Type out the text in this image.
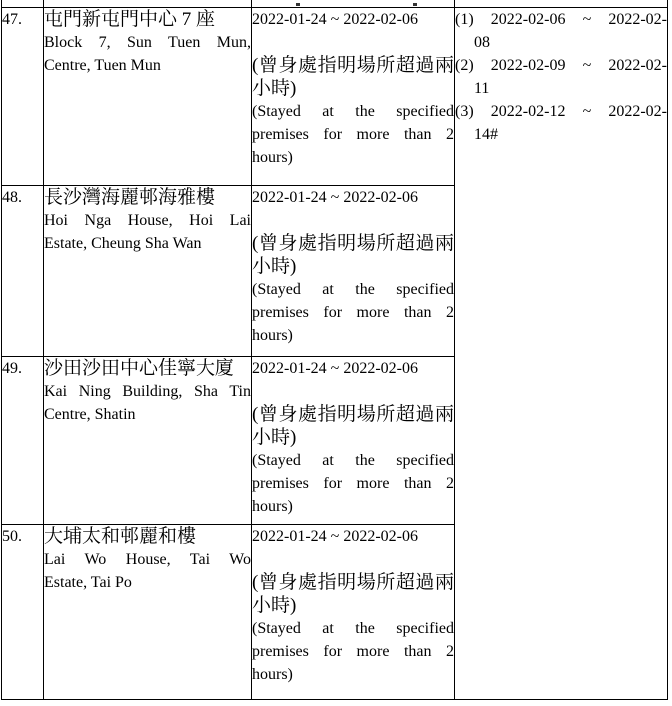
47.	屯門新屯門中心 7 座
Block 7, Sun Tuen Mun,
Centre, Tuen Mun

2022-01-24 ~ 2022-02-06
(曾身處指明場所超過兩
小時)
(Stayed at the specified
premises for more than 2
hours)

(1) 2022-02-06 ~ 2022-02-
08
(2) 2022-02-09 ~ 2022-02-
11
(3) 2022-02-12 ~ 2022-02-
14#

48.	長沙灣海麗邨海雅樓
Hoi Nga House, Hoi Lai
Estate, Cheung Sha Wan

2022-01-24 ~ 2022-02-06
(曾身處指明場所超過兩
小時)
(Stayed at the specified
premises for more than 2
hours)

49.	沙田沙田中心佳寧大廈
Kai Ning Building, Sha Tin
Centre, Shatin

2022-01-24 ~ 2022-02-06
(曾身處指明場所超過兩
小時)
(Stayed at the specified
premises for more than 2
hours)

50.	大埔太和邨麗和樓
Lai Wo House, Tai Wo
Estate, Tai Po

2022-01-24 ~ 2022-02-06
(曾身處指明場所超過兩
小時)
(Stayed at the specified
premises for more than 2
hours)
